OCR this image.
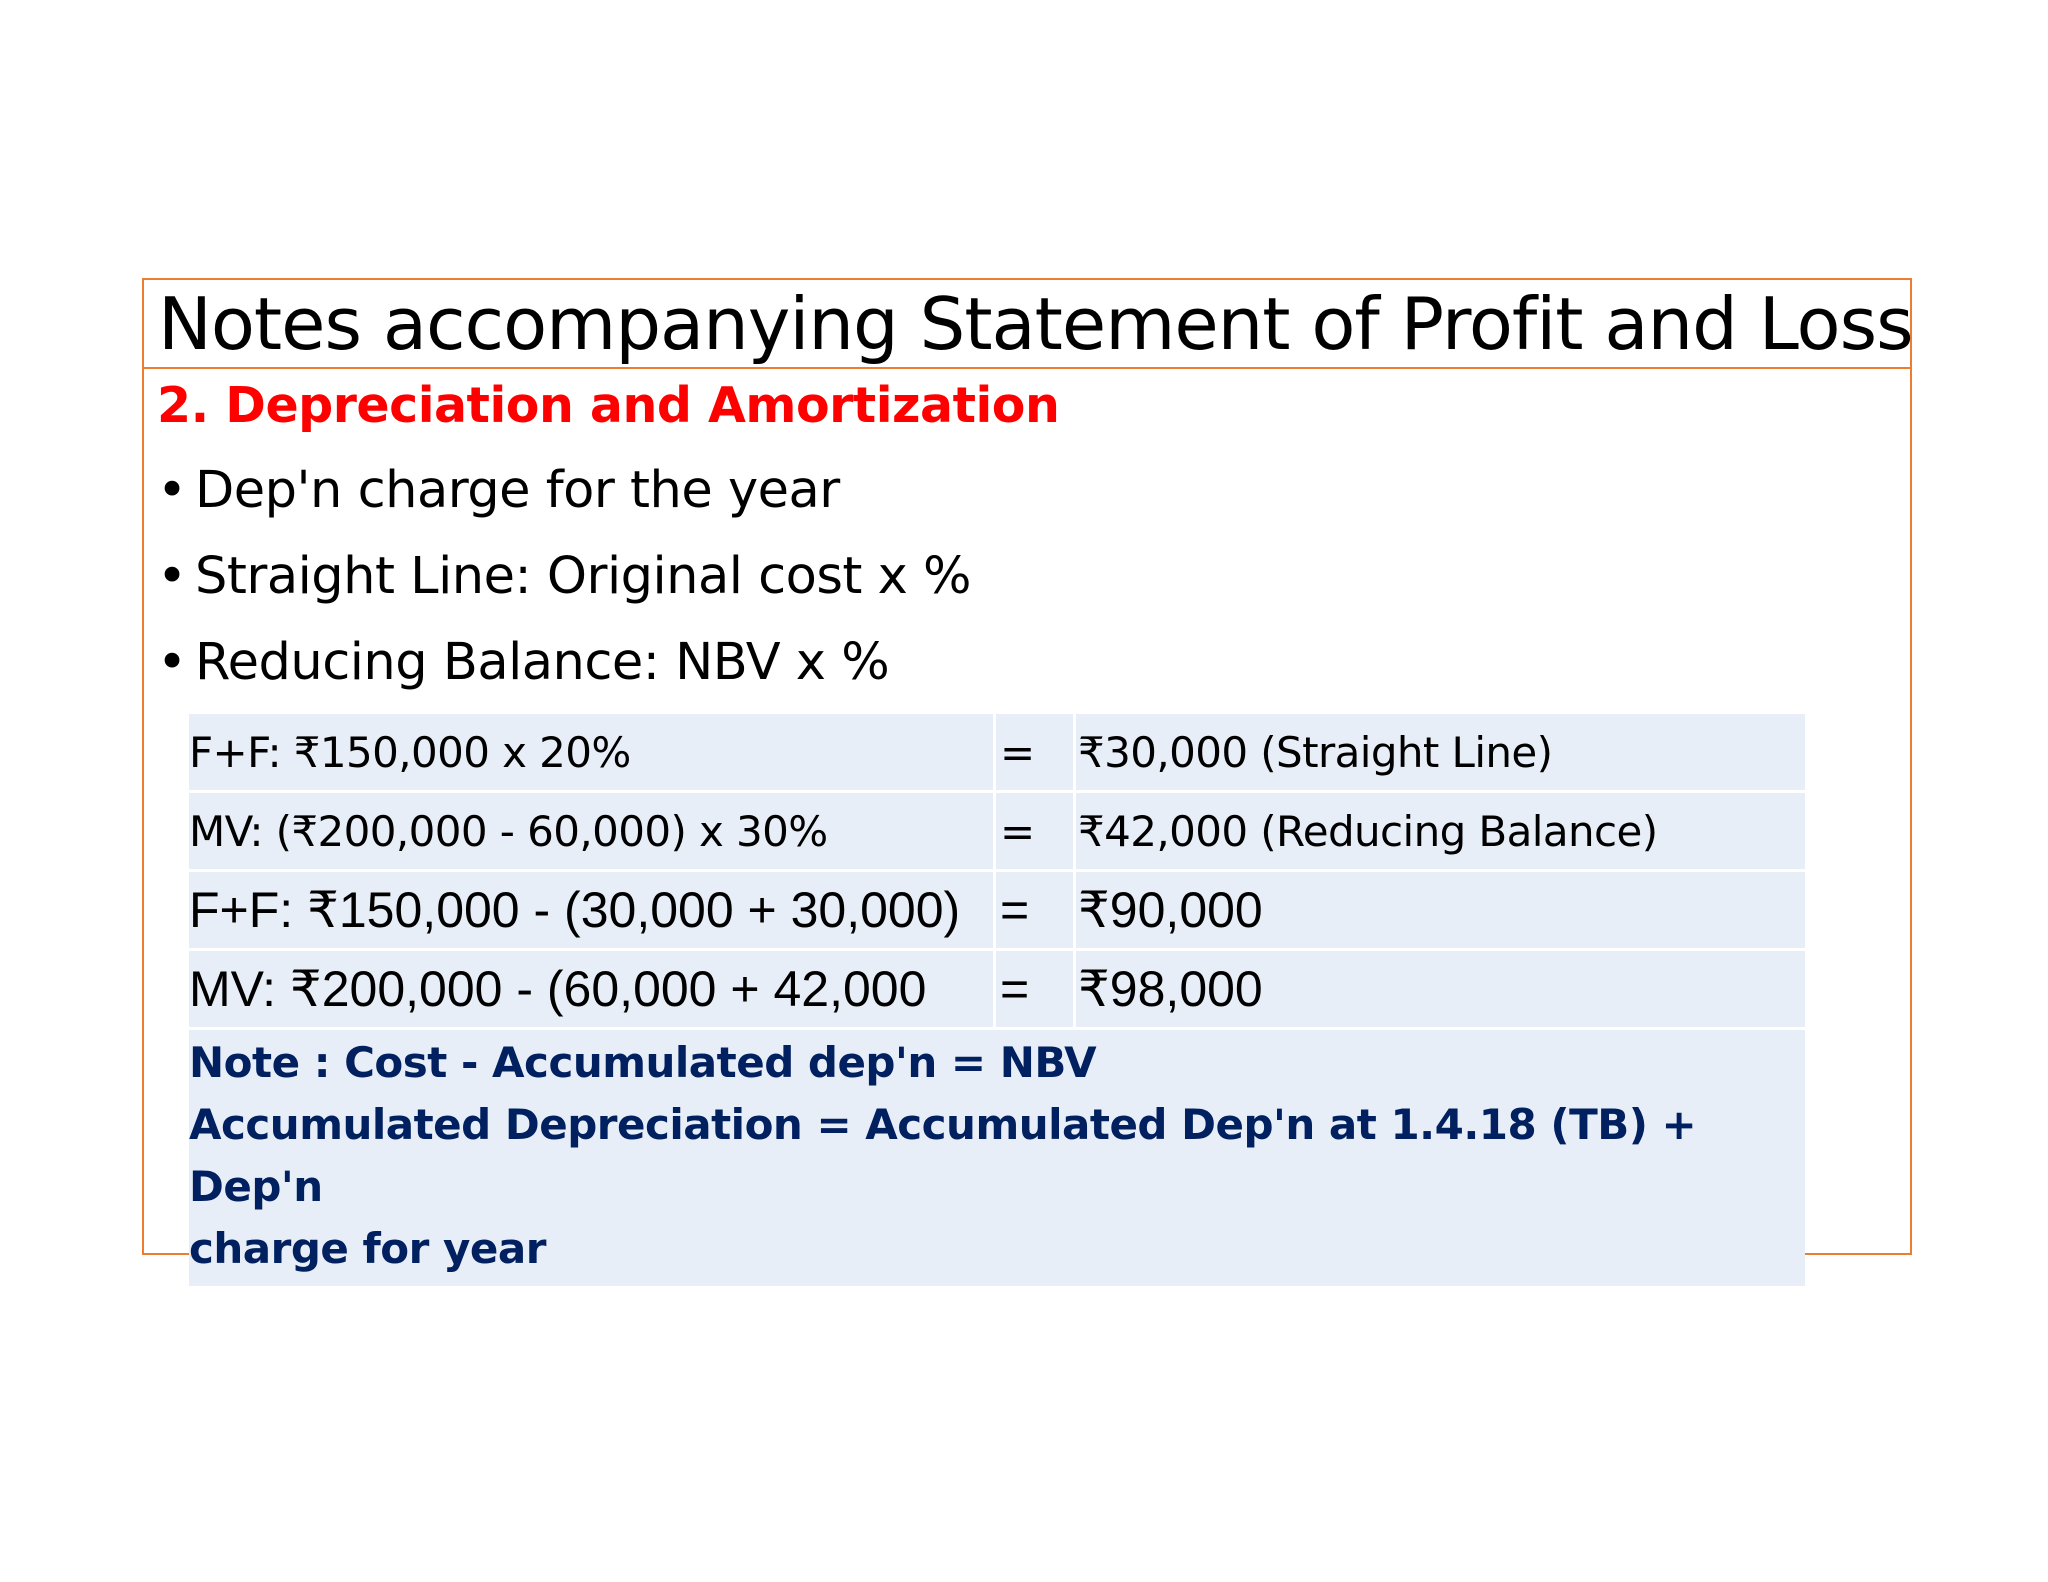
Notes accompanying Statement of Profit and Loss
2. Depreciation and Amortization
• Dep'n charge for the year
• Straight Line: Original cost x %
• Reducing Balance: NBV x %
F+F: ₹150,000 x 20%	=	₹30,000 (Straight Line)
MV: (₹200,000 - 60,000) x 30%	=	₹42,000 (Reducing Balance)
F+F: ₹150,000 - (30,000 + 30,000)	=	₹90,000
MV: ₹200,000 - (60,000 + 42,000	=	₹98,000
Note : Cost - Accumulated dep'n = NBV
Accumulated Depreciation = Accumulated Dep'n at 1.4.18 (TB) + Dep'n
charge for year
